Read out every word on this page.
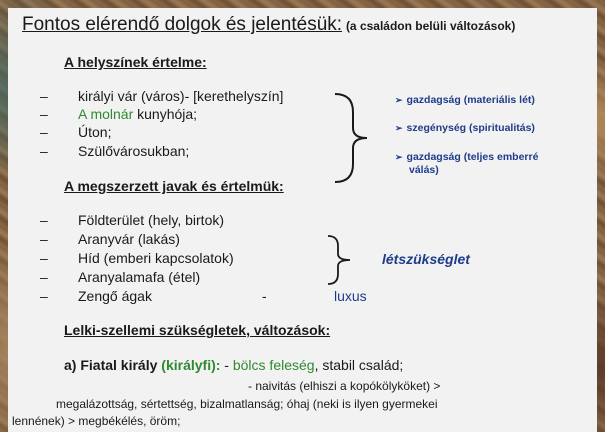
Fontos elérendő dolgok és jelentésük: (a családon belüli változások)
A helyszínek értelme:
– királyi vár (város)- [kerethelyszín]
– A molnár kunyhója;
– Úton;
– Szülővárosukban;
➢ gazdagság (materiális lét)
➢ szegénység (spiritualitás)
➢ gazdagság (teljes emberré
válás)
A megszerzett javak és értelmük:
– Földterület (hely, birtok)
– Aranyvár (lakás)
– Híd (emberi kapcsolatok)
– Aranyalamafa (étel)
– Zengő ágak	-	luxus
létszükséglet
Lelki-szellemi szükségletek, változások:
a) Fiatal király (királyfi): - bölcs feleség, stabil család;
- naivitás (elhiszi a kopókölyköket) >
megalázottság, sértettség, bizalmatlanság; óhaj (neki is ilyen gyermekei
lennének) > megbékélés, öröm;
